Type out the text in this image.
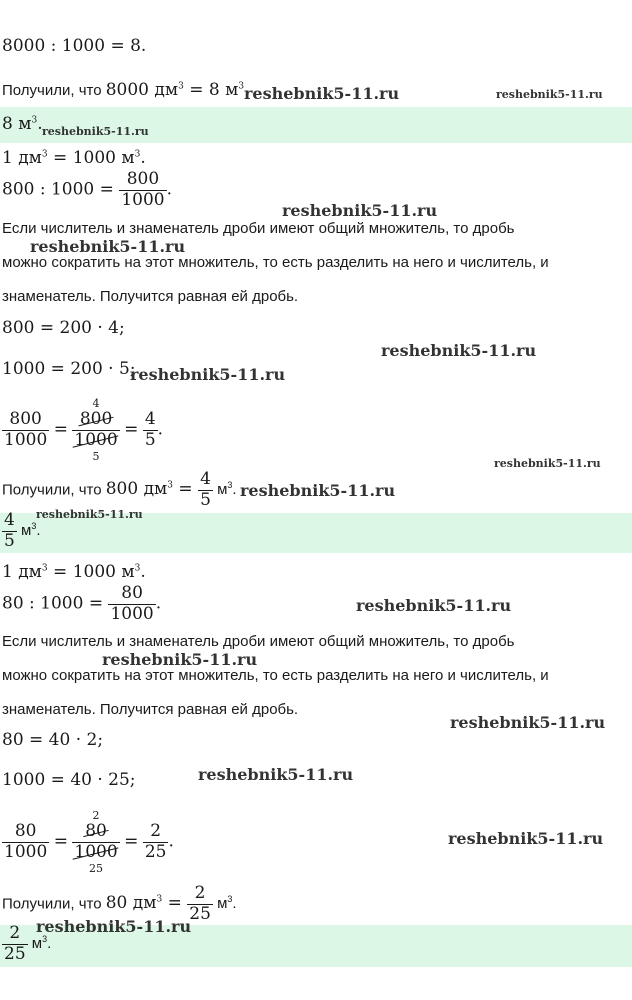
8000 : 1000 = 8.
Получили, что 8000 $дм^3 = 8$ $м^3$
8 $м^3$.
1 $дм^3 = 1000$ $м^3$.
800 : $1000 = \frac{800}{1000}$ .
Если числитель и знаменатель дроби имеют общий множитель, то дробь
можно сократить на этот множитель, то есть разделить на него и числитель, и
знаменатель. Получится равная ей дробь.
800 = 200 · 4;
1000 = 200 · 5;
$\frac{800}{1000} = 4$
800
1000
$5 = \frac{4}{5}$ .
Получили, что 800 $дм^3 = \frac{4}{5} м^3$.
$\frac{4}{5} м^3$.
1 $дм^3 = 1000$ $м^3$.
80 : $1000 = \frac{80}{1000}$ .
Если числитель и знаменатель дроби имеют общий множитель, то дробь
можно сократить на этот множитель, то есть разделить на него и числитель, и
знаменатель. Получится равная ей дробь.
80 = 40 · 2;
1000 = 40 · 25;
$\frac{80}{1000} = 2$
80
1000
$25 = \frac{2}{25}$ .
Получили, что 80 $дм^3 = \frac{2}{25} м^3$.
$\frac{2}{25} м^3$.
reshebnik5-11.ru	reshebnik5-11.ru
reshebnik5-11.ru
reshebnik5-11.ru
reshebnik5-11.ru
reshebnik5-11.ru
reshebnik5-11.ru
reshebnik5-11.ru
reshebnik5-11.ru
reshebnik5-11.ru
reshebnik5-11.ru
reshebnik5-11.ru
reshebnik5-11.ru
reshebnik5-11.ru
reshebnik5-11.ru
reshebnik5-11.ru
